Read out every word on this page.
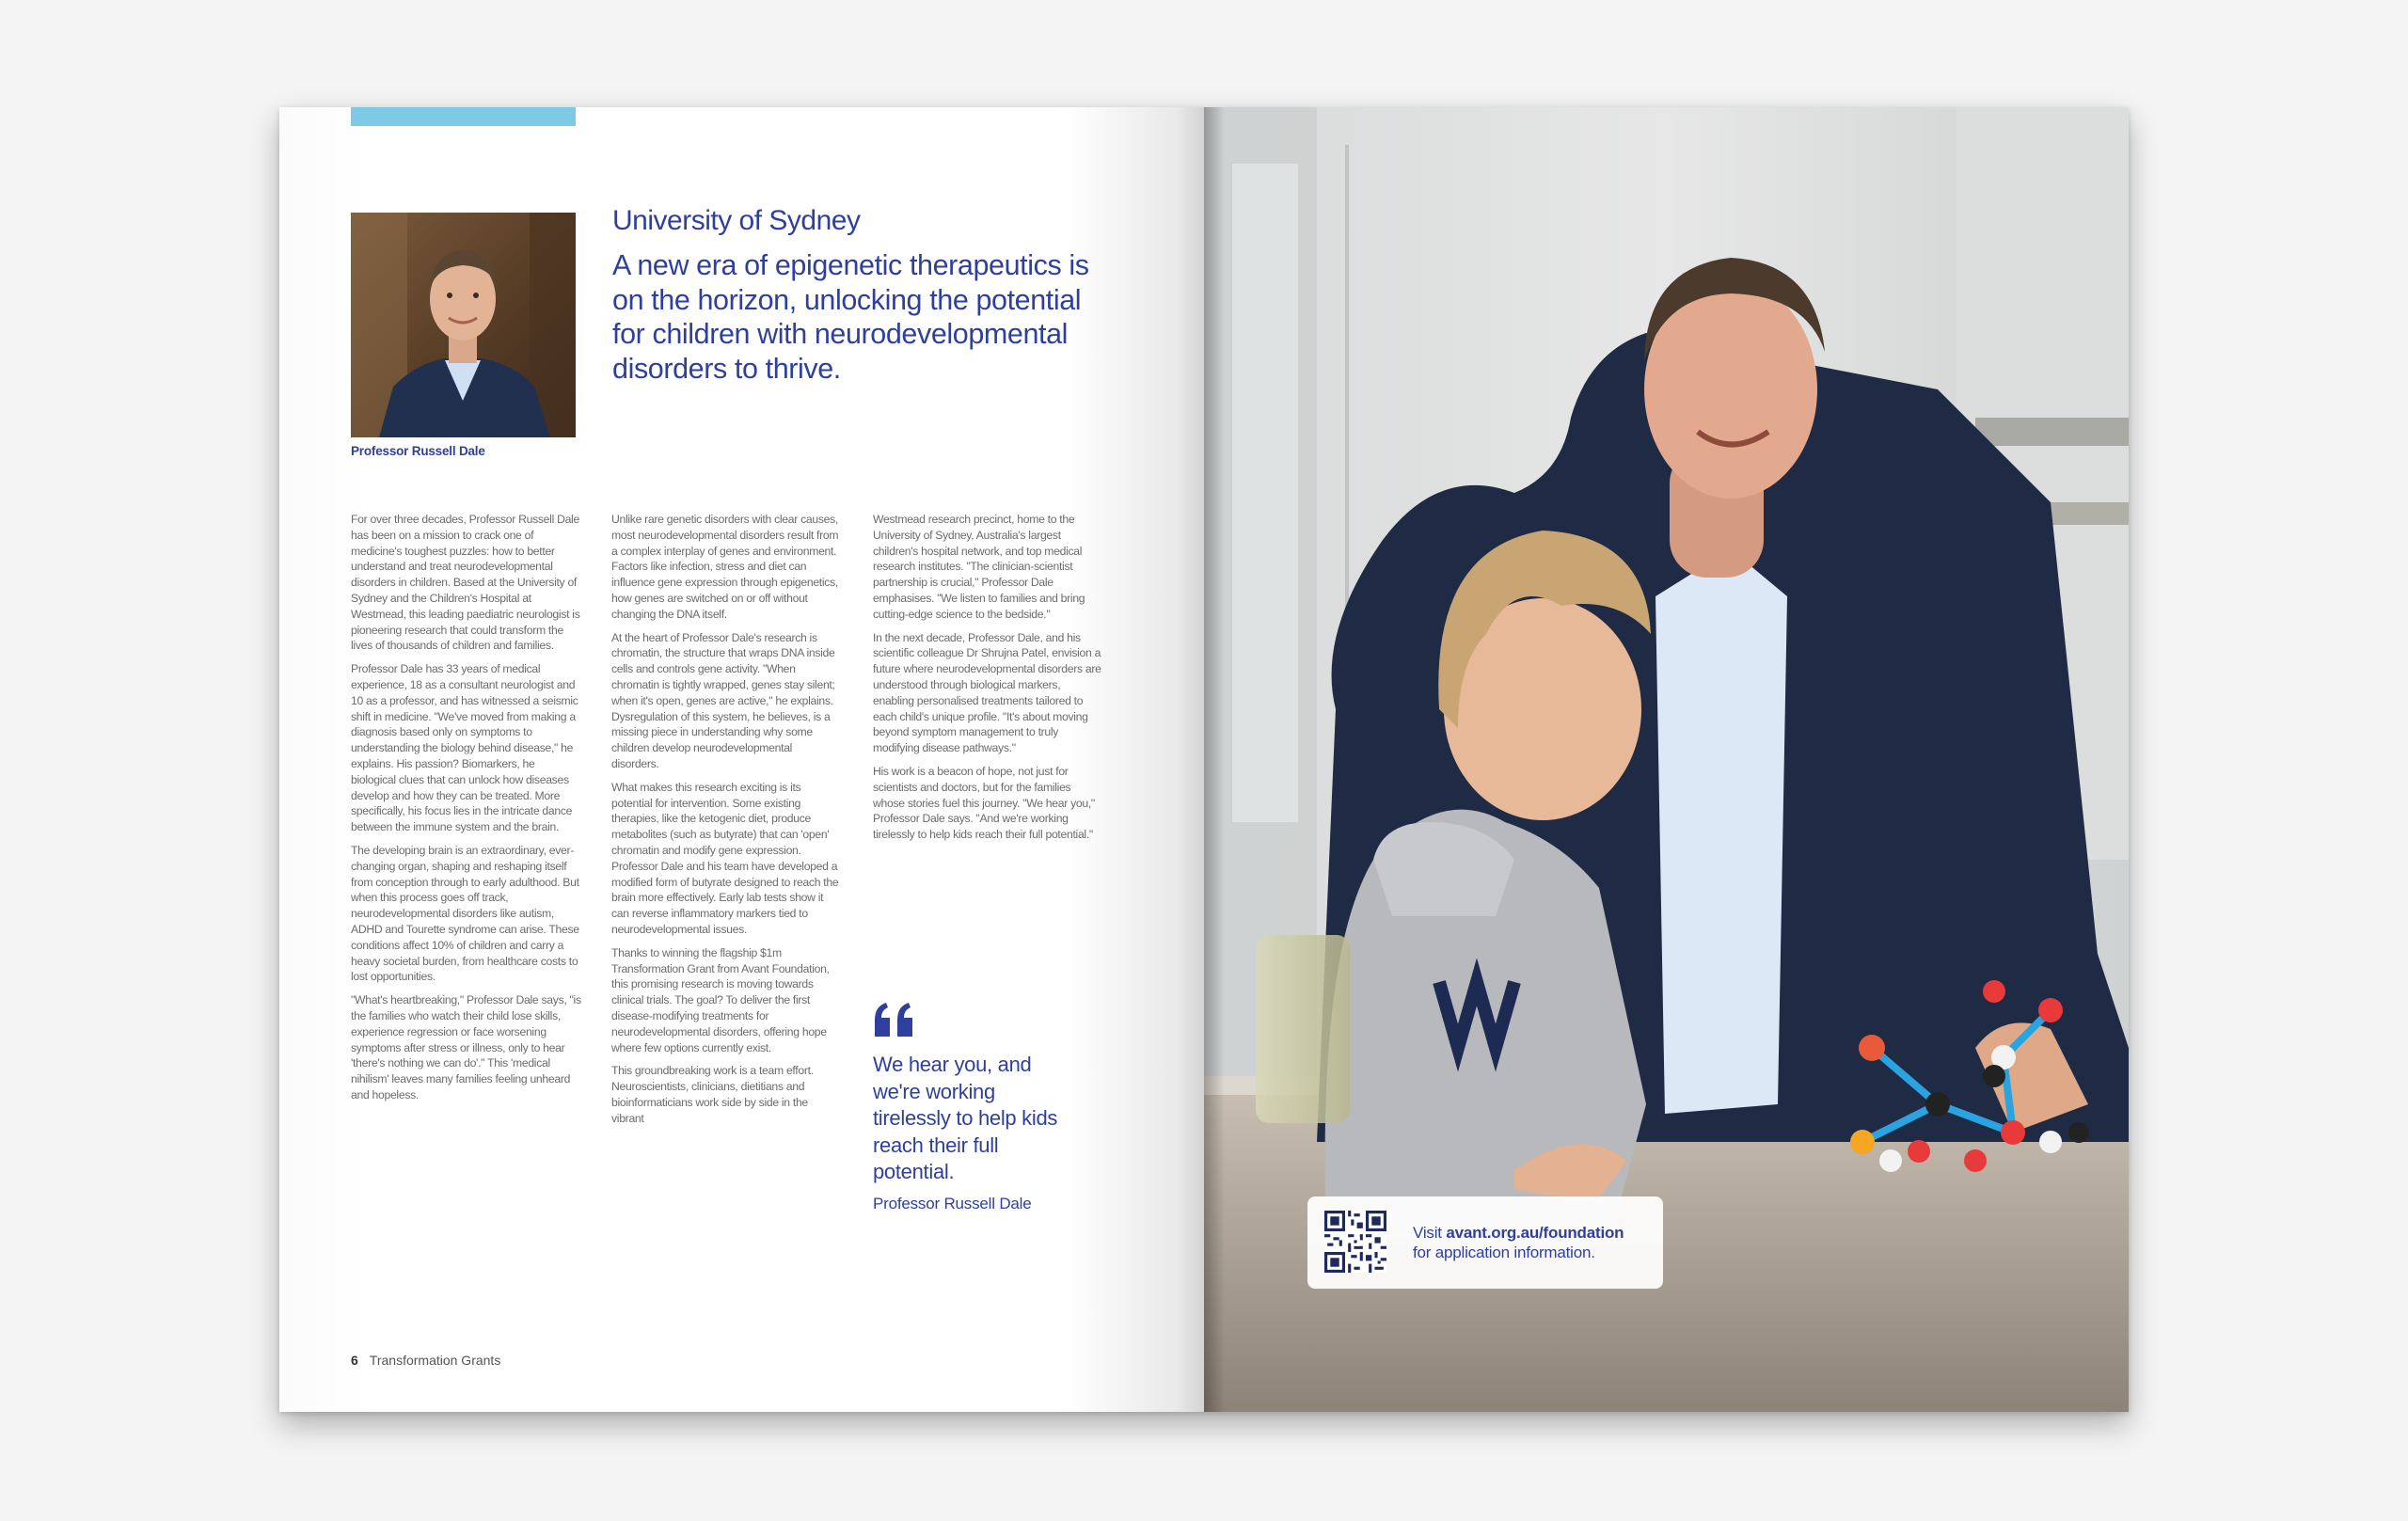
Professor Russell Dale
University of Sydney
A new era of epigenetic therapeutics is on the horizon, unlocking the potential for children with neurodevelopmental disorders to thrive.

For over three decades, Professor Russell Dale has been on a mission to crack one of medicine's toughest puzzles: how to better understand and treat neurodevelopmental disorders in children. Based at the University of Sydney and the Children's Hospital at Westmead, this leading paediatric neurologist is pioneering research that could transform the lives of thousands of children and families.

Professor Dale has 33 years of medical experience, 18 as a consultant neurologist and 10 as a professor, and has witnessed a seismic shift in medicine. "We've moved from making a diagnosis based only on symptoms to understanding the biology behind disease," he explains. His passion? Biomarkers, he biological clues that can unlock how diseases develop and how they can be treated. More specifically, his focus lies in the intricate dance between the immune system and the brain.

The developing brain is an extraordinary, ever-changing organ, shaping and reshaping itself from conception through to early adulthood. But when this process goes off track, neurodevelopmental disorders like autism, ADHD and Tourette syndrome can arise. These conditions affect 10% of children and carry a heavy societal burden, from healthcare costs to lost opportunities.

"What's heartbreaking," Professor Dale says, "is the families who watch their child lose skills, experience regression or face worsening symptoms after stress or illness, only to hear 'there's nothing we can do'." This 'medical nihilism' leaves many families feeling unheard and hopeless.

Unlike rare genetic disorders with clear causes, most neurodevelopmental disorders result from a complex interplay of genes and environment. Factors like infection, stress and diet can influence gene expression through epigenetics, how genes are switched on or off without changing the DNA itself.

At the heart of Professor Dale's research is chromatin, the structure that wraps DNA inside cells and controls gene activity. "When chromatin is tightly wrapped, genes stay silent; when it's open, genes are active," he explains. Dysregulation of this system, he believes, is a missing piece in understanding why some children develop neurodevelopmental disorders.

What makes this research exciting is its potential for intervention. Some existing therapies, like the ketogenic diet, produce metabolites (such as butyrate) that can 'open' chromatin and modify gene expression. Professor Dale and his team have developed a modified form of butyrate designed to reach the brain more effectively. Early lab tests show it can reverse inflammatory markers tied to neurodevelopmental issues.

Thanks to winning the flagship $1m Transformation Grant from Avant Foundation, this promising research is moving towards clinical trials. The goal? To deliver the first disease-modifying treatments for neurodevelopmental disorders, offering hope where few options currently exist.

This groundbreaking work is a team effort. Neuroscientists, clinicians, dietitians and bioinformaticians work side by side in the vibrant

Westmead research precinct, home to the University of Sydney, Australia's largest children's hospital network, and top medical research institutes. "The clinician-scientist partnership is crucial," Professor Dale emphasises. "We listen to families and bring cutting-edge science to the bedside."

In the next decade, Professor Dale, and his scientific colleague Dr Shrujna Patel, envision a future where neurodevelopmental disorders are understood through biological markers, enabling personalised treatments tailored to each child's unique profile. "It's about moving beyond symptom management to truly modifying disease pathways."

His work is a beacon of hope, not just for scientists and doctors, but for the families whose stories fuel this journey. "We hear you," Professor Dale says. "And we're working tirelessly to help kids reach their full potential."

We hear you, and we're working tirelessly to help kids reach their full potential.
Professor Russell Dale
6 Transformation Grants
Visit avant.org.au/foundation
for application information.
